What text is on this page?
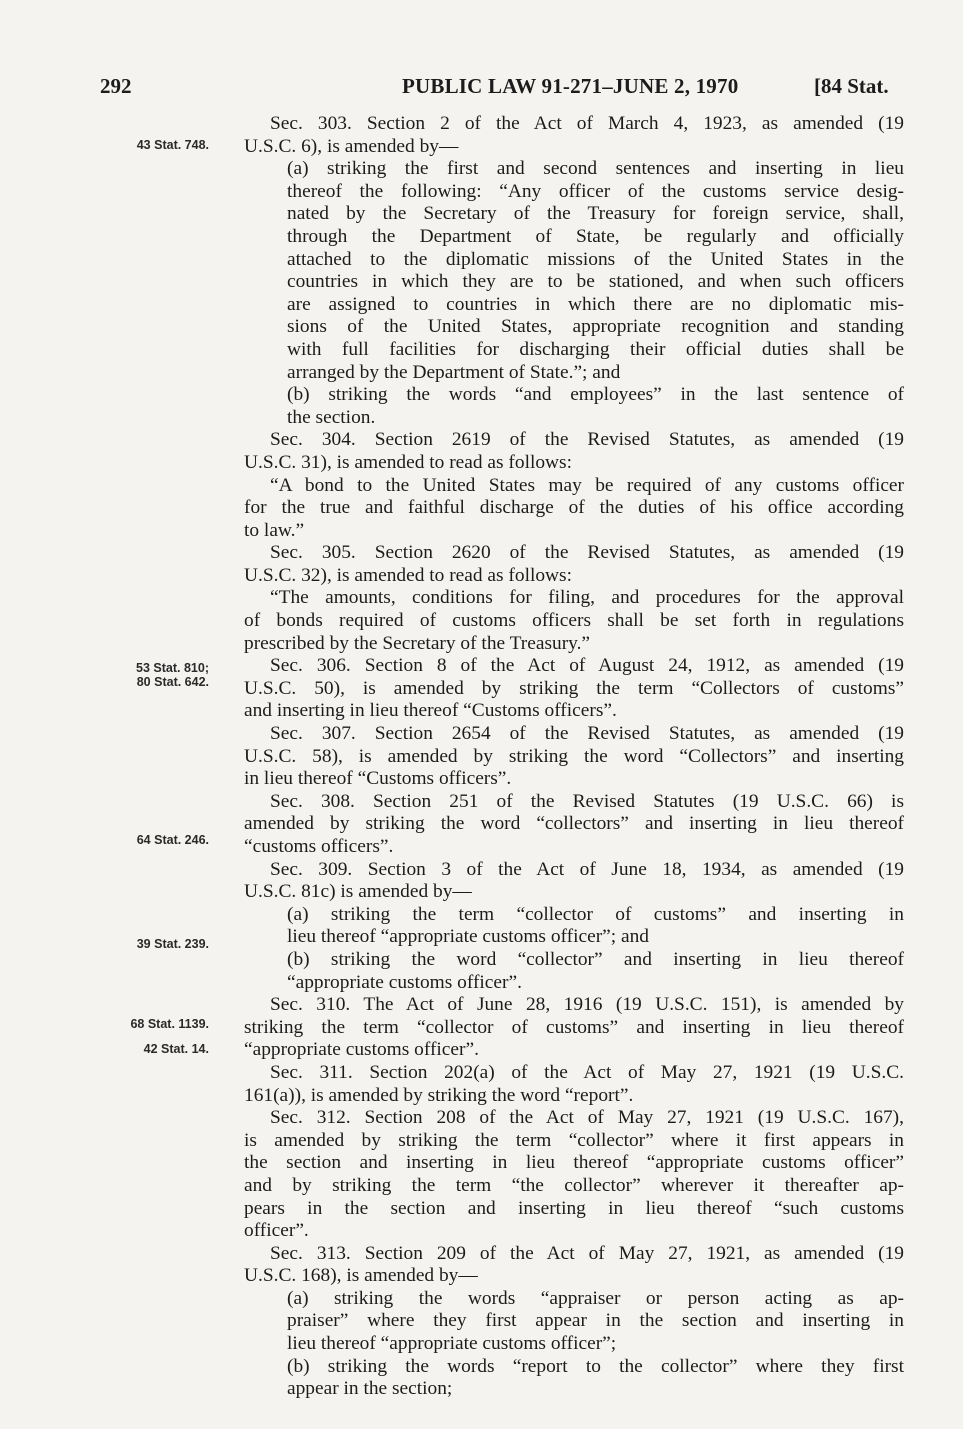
292	PUBLIC LAW 91-271–JUNE 2, 1970	[84 Stat.
43 Stat. 748.
53 Stat. 810;
80 Stat. 642.
64 Stat. 246.
39 Stat. 239.
68 Stat. 1139.
42 Stat. 14.
Sec. 303. Section 2 of the Act of March 4, 1923, as amended (19
U.S.C. 6), is amended by—
(a) striking the first and second sentences and inserting in lieu
thereof the following: “Any officer of the customs service desig-
nated by the Secretary of the Treasury for foreign service, shall,
through the Department of State, be regularly and officially
attached to the diplomatic missions of the United States in the
countries in which they are to be stationed, and when such officers
are assigned to countries in which there are no diplomatic mis-
sions of the United States, appropriate recognition and standing
with full facilities for discharging their official duties shall be
arranged by the Department of State.”; and
(b) striking the words “and employees” in the last sentence of
the section.
Sec. 304. Section 2619 of the Revised Statutes, as amended (19
U.S.C. 31), is amended to read as follows:
“A bond to the United States may be required of any customs officer
for the true and faithful discharge of the duties of his office according
to law.”
Sec. 305. Section 2620 of the Revised Statutes, as amended (19
U.S.C. 32), is amended to read as follows:
“The amounts, conditions for filing, and procedures for the approval
of bonds required of customs officers shall be set forth in regulations
prescribed by the Secretary of the Treasury.”
Sec. 306. Section 8 of the Act of August 24, 1912, as amended (19
U.S.C. 50), is amended by striking the term “Collectors of customs”
and inserting in lieu thereof “Customs officers”.
Sec. 307. Section 2654 of the Revised Statutes, as amended (19
U.S.C. 58), is amended by striking the word “Collectors” and inserting
in lieu thereof “Customs officers”.
Sec. 308. Section 251 of the Revised Statutes (19 U.S.C. 66) is
amended by striking the word “collectors” and inserting in lieu thereof
“customs officers”.
Sec. 309. Section 3 of the Act of June 18, 1934, as amended (19
U.S.C. 81c) is amended by—
(a) striking the term “collector of customs” and inserting in
lieu thereof “appropriate customs officer”; and
(b) striking the word “collector” and inserting in lieu thereof
“appropriate customs officer”.
Sec. 310. The Act of June 28, 1916 (19 U.S.C. 151), is amended by
striking the term “collector of customs” and inserting in lieu thereof
“appropriate customs officer”.
Sec. 311. Section 202(a) of the Act of May 27, 1921 (19 U.S.C.
161(a)), is amended by striking the word “report”.
Sec. 312. Section 208 of the Act of May 27, 1921 (19 U.S.C. 167),
is amended by striking the term “collector” where it first appears in
the section and inserting in lieu thereof “appropriate customs officer”
and by striking the term “the collector” wherever it thereafter ap-
pears in the section and inserting in lieu thereof “such customs
officer”.
Sec. 313. Section 209 of the Act of May 27, 1921, as amended (19
U.S.C. 168), is amended by—
(a) striking the words “appraiser or person acting as ap-
praiser” where they first appear in the section and inserting in
lieu thereof “appropriate customs officer”;
(b) striking the words “report to the collector” where they first
appear in the section;
